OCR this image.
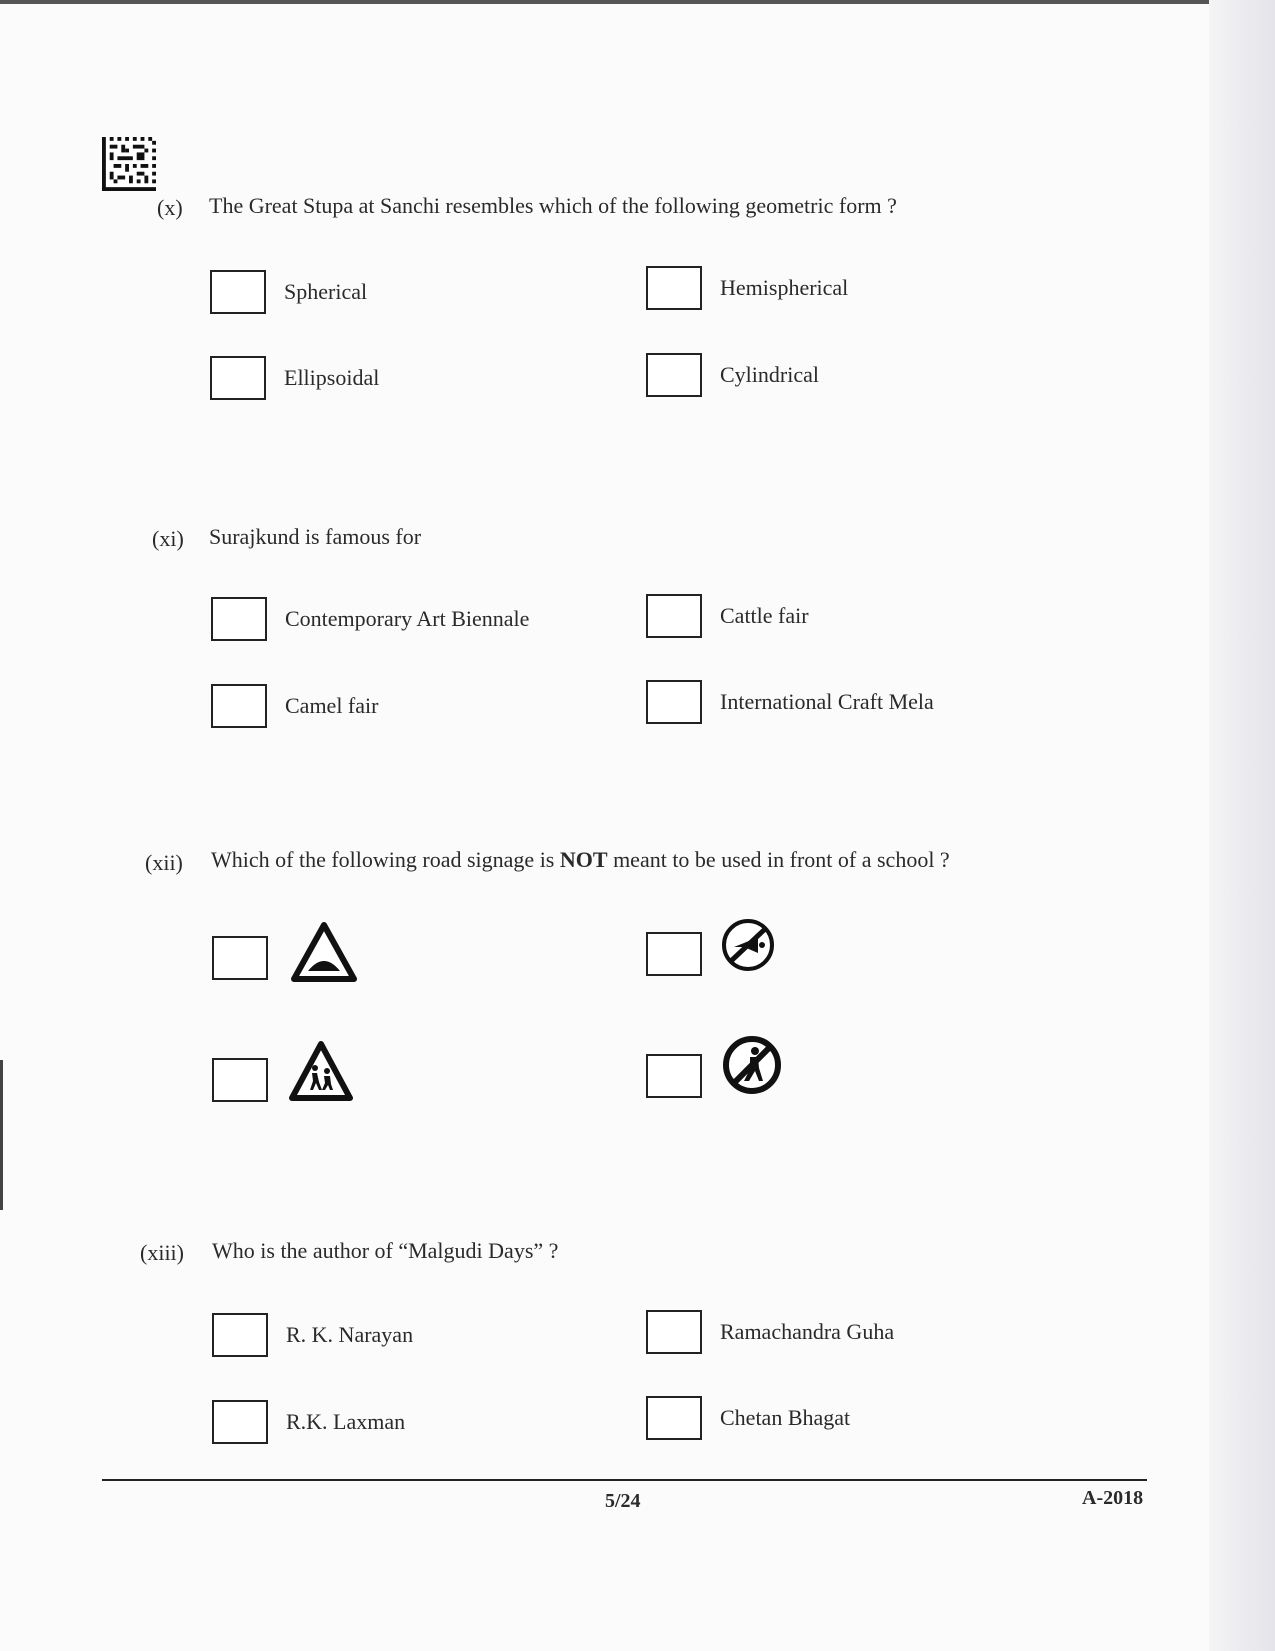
(x) The Great Stupa at Sanchi resembles which of the following geometric form ?
Spherical	Hemispherical
Ellipsoidal	Cylindrical
(xi) Surajkund is famous for
Contemporary Art Biennale	Cattle fair
Camel fair	International Craft Mela
(xii) Which of the following road signage is NOT meant to be used in front of a school ?
(xiii) Who is the author of “Malgudi Days” ?
R. K. Narayan	Ramachandra Guha
R.K. Laxman	Chetan Bhagat
5/24	A-2018
